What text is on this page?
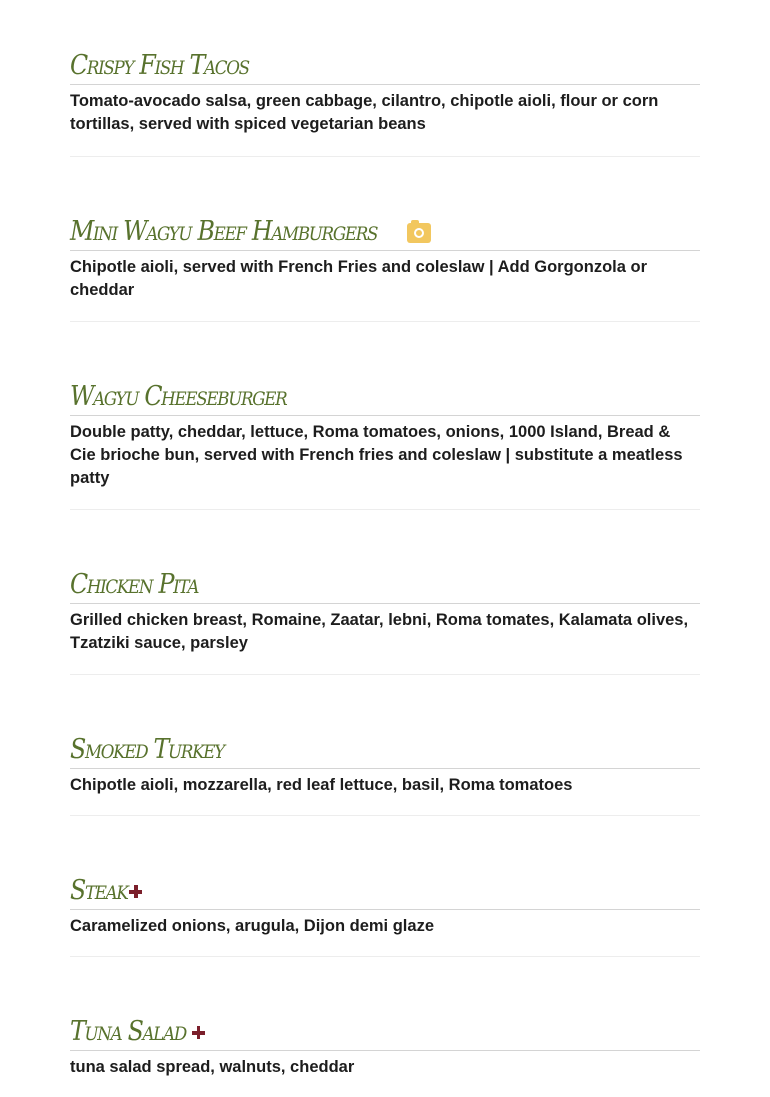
Crispy Fish Tacos

Tomato-avocado salsa, green cabbage, cilantro, chipotle aioli, flour or corn tortillas, served with spiced vegetarian beans

Mini Wagyu Beef Hamburgers

Chipotle aioli, served with French Fries and coleslaw | Add Gorgonzola or cheddar

Wagyu Cheeseburger

Double patty, cheddar, lettuce, Roma tomatoes, onions, 1000 Island, Bread & Cie brioche bun, served with French fries and coleslaw | substitute a meatless patty

Chicken Pita

Grilled chicken breast, Romaine, Zaatar, lebni, Roma tomates, Kalamata olives, Tzatziki sauce, parsley

Smoked Turkey

Chipotle aioli, mozzarella, red leaf lettuce, basil, Roma tomatoes

Steak

Caramelized onions, arugula, Dijon demi glaze

Tuna Salad

tuna salad spread, walnuts, cheddar
